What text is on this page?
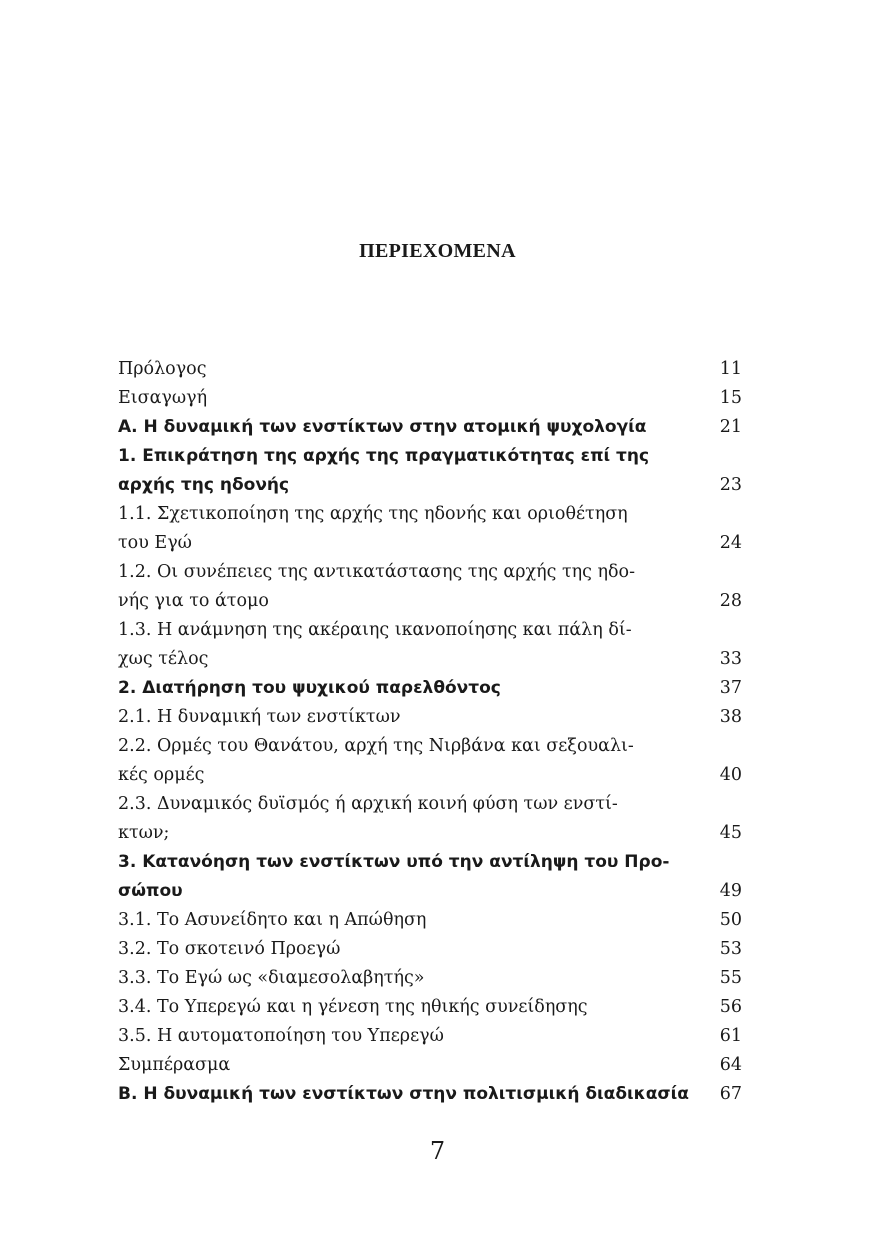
ΠΕΡΙΕΧΟΜΕΝΑ
Πρόλογος	11
Εισαγωγή	15
Α. Η δυναμική των ενστίκτων στην ατομική ψυχολογία	21
1. Επικράτηση της αρχής της πραγματικότητας επί της
αρχής της ηδονής	23
1.1. Σχετικοποίηση της αρχής της ηδονής και οριοθέτηση
του Εγώ	24
1.2. Οι συνέπειες της αντικατάστασης της αρχής της ηδο-
νής για το άτομο	28
1.3. Η ανάμνηση της ακέραιης ικανοποίησης και πάλη δί-
χως τέλος	33
2. Διατήρηση του ψυχικού παρελθόντος	37
2.1. Η δυναμική των ενστίκτων	38
2.2. Ορμές του Θανάτου, αρχή της Νιρβάνα και σεξουαλι-
κές ορμές	40
2.3. Δυναμικός δυϊσμός ή αρχική κοινή φύση των ενστί-
κτων;	45
3. Κατανόηση των ενστίκτων υπό την αντίληψη του Προ-
σώπου	49
3.1. Το Ασυνείδητο και η Απώθηση	50
3.2. Το σκοτεινό Προεγώ	53
3.3. Το Εγώ ως «διαμεσολαβητής»	55
3.4. Το Υπερεγώ και η γένεση της ηθικής συνείδησης	56
3.5. Η αυτοματοποίηση του Υπερεγώ	61
Συμπέρασμα	64
Β. Η δυναμική των ενστίκτων στην πολιτισμική διαδικασία 67
7
